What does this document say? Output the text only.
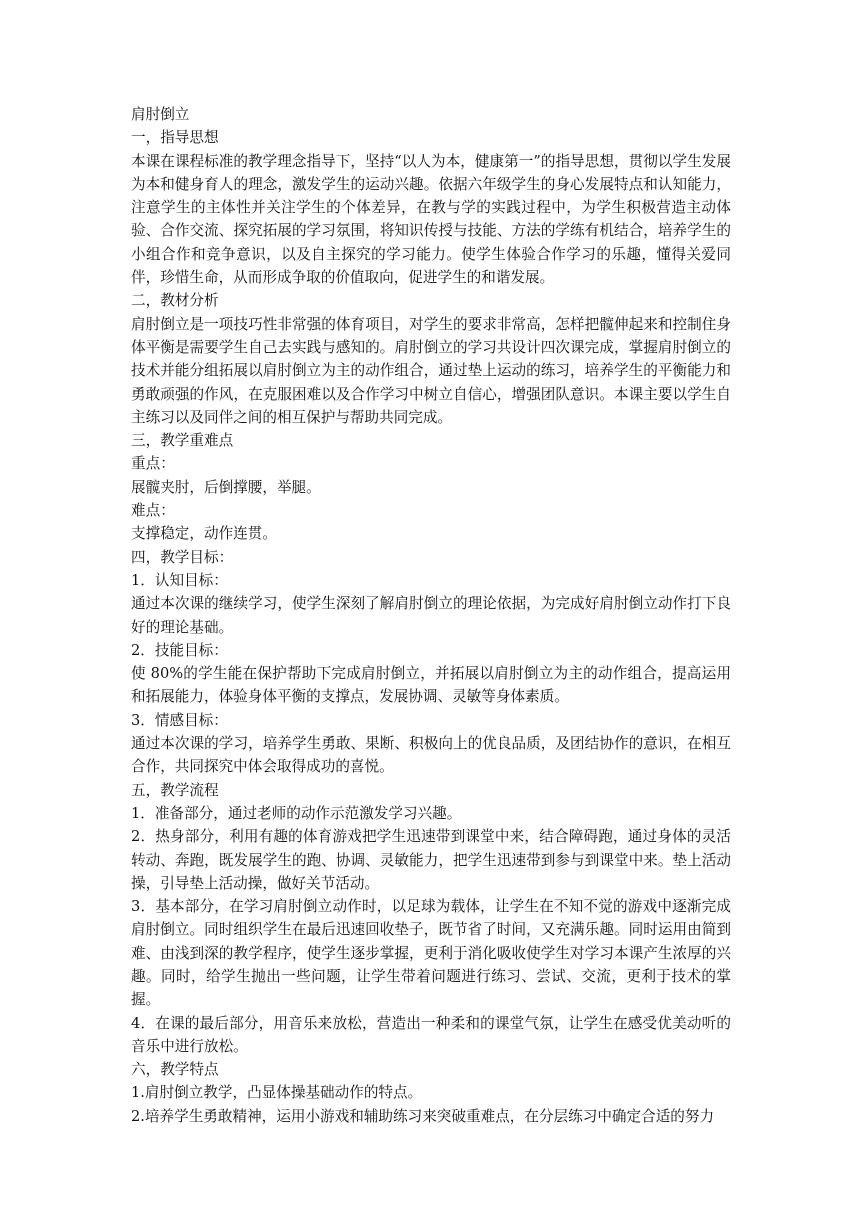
肩肘倒立
一，指导思想
本课在课程标准的教学理念指导下，坚持“以人为本，健康第一”的指导思想，贯彻以学生发展为本和健身育人的理念，激发学生的运动兴趣。依据六年级学生的身心发展特点和认知能力，注意学生的主体性并关注学生的个体差异，在教与学的实践过程中，为学生积极营造主动体验、合作交流、探究拓展的学习氛围，将知识传授与技能、方法的学练有机结合，培养学生的小组合作和竞争意识，以及自主探究的学习能力。使学生体验合作学习的乐趣，懂得关爱同伴，珍惜生命，从而形成争取的价值取向，促进学生的和谐发展。
二，教材分析
肩肘倒立是一项技巧性非常强的体育项目，对学生的要求非常高，怎样把髋伸起来和控制住身体平衡是需要学生自己去实践与感知的。肩肘倒立的学习共设计四次课完成，掌握肩肘倒立的技术并能分组拓展以肩肘倒立为主的动作组合，通过垫上运动的练习，培养学生的平衡能力和勇敢顽强的作风，在克服困难以及合作学习中树立自信心，增强团队意识。本课主要以学生自主练习以及同伴之间的相互保护与帮助共同完成。
三，教学重难点
重点：
展髋夹肘，后倒撑腰，举腿。
难点：
支撑稳定，动作连贯。
四，教学目标：
1．认知目标：
通过本次课的继续学习，使学生深刻了解肩肘倒立的理论依据，为完成好肩肘倒立动作打下良好的理论基础。
2．技能目标：
使 80%的学生能在保护帮助下完成肩肘倒立，并拓展以肩肘倒立为主的动作组合，提高运用和拓展能力，体验身体平衡的支撑点，发展协调、灵敏等身体素质。
3．情感目标：
通过本次课的学习，培养学生勇敢、果断、积极向上的优良品质，及团结协作的意识，在相互合作，共同探究中体会取得成功的喜悦。
五，教学流程
1．准备部分，通过老师的动作示范激发学习兴趣。
2．热身部分，利用有趣的体育游戏把学生迅速带到课堂中来，结合障碍跑，通过身体的灵活转动、奔跑，既发展学生的跑、协调、灵敏能力，把学生迅速带到参与到课堂中来。垫上活动操，引导垫上活动操，做好关节活动。
3．基本部分，在学习肩肘倒立动作时，以足球为载体，让学生在不知不觉的游戏中逐渐完成肩肘倒立。同时组织学生在最后迅速回收垫子，既节省了时间，又充满乐趣。同时运用由简到难、由浅到深的教学程序，使学生逐步掌握，更利于消化吸收使学生对学习本课产生浓厚的兴趣。同时，给学生抛出一些问题，让学生带着问题进行练习、尝试、交流，更利于技术的掌握。
4．在课的最后部分，用音乐来放松，营造出一种柔和的课堂气氛，让学生在感受优美动听的音乐中进行放松。
六，教学特点
1.肩肘倒立教学，凸显体操基础动作的特点。
2.培养学生勇敢精神，运用小游戏和辅助练习来突破重难点，在分层练习中确定合适的努力
